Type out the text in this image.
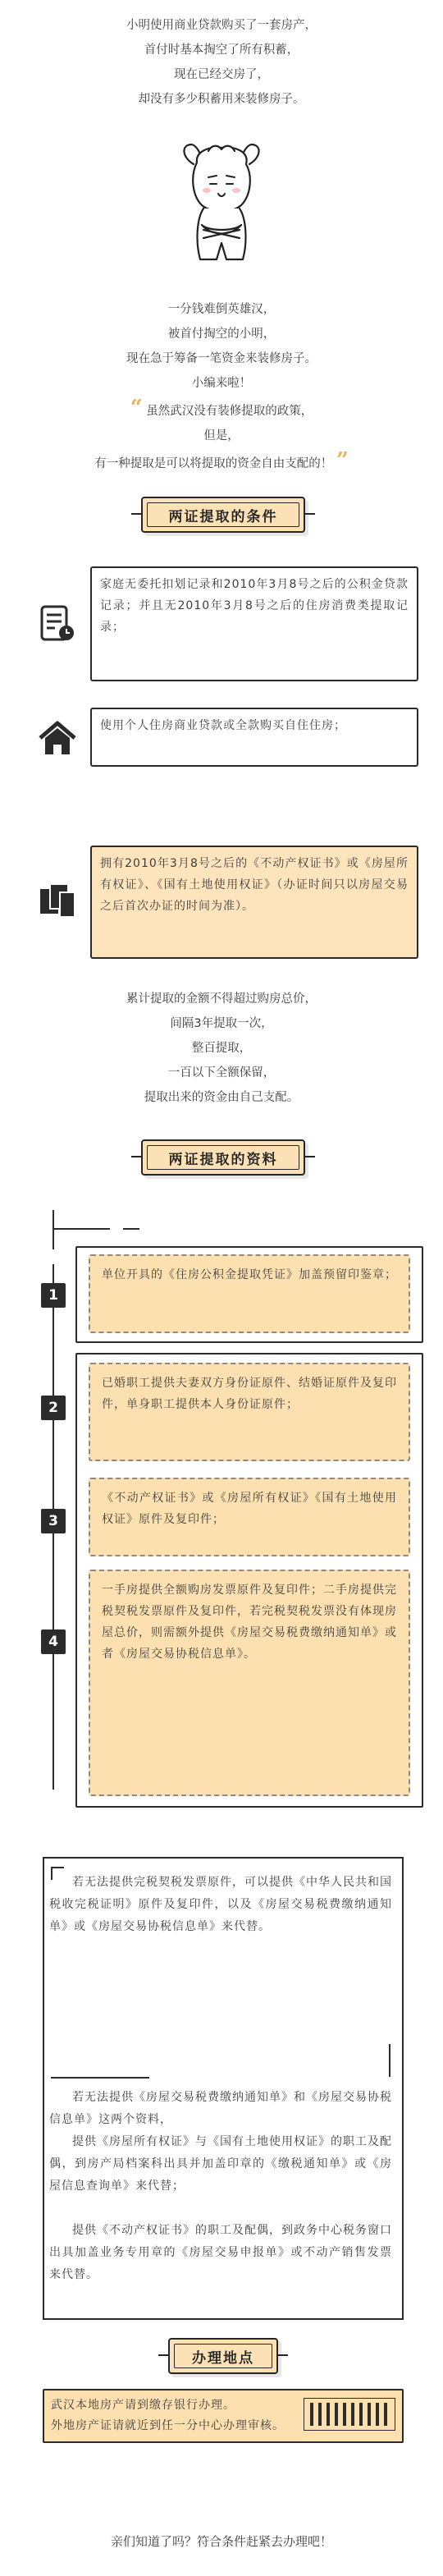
小明使用商业贷款购买了一套房产，
首付时基本掏空了所有积蓄，
现在已经交房了，
却没有多少积蓄用来装修房子。
一分钱难倒英雄汉，
被首付掏空的小明，
现在急于筹备一笔资金来装修房子。
小编来啦！
“ 虽然武汉没有装修提取的政策，
但是，
有一种提取是可以将提取的资金自由支配的！ ”
两证提取的条件
家庭无委托扣划记录和2010年3月8号之后的公积金贷款记录；并且无2010年3月8号之后的住房消费类提取记录；
使用个人住房商业贷款或全款购买自住住房；
拥有2010年3月8号之后的《不动产权证书》或《房屋所有权证》、《国有土地使用权证》（办证时间只以房屋交易之后首次办证的时间为准）。
累计提取的金额不得超过购房总价，
间隔3年提取一次，
整百提取，
一百以下全额保留，
提取出来的资金由自己支配。
两证提取的资料
1
单位开具的《住房公积金提取凭证》加盖预留印鉴章；
2
已婚职工提供夫妻双方身份证原件、结婚证原件及复印件，单身职工提供本人身份证原件；
3
《不动产权证书》或《房屋所有权证》《国有土地使用权证》原件及复印件；
4
一手房提供全额购房发票原件及复印件；二手房提供完税契税发票原件及复印件，若完税契税发票没有体现房屋总价，则需额外提供《房屋交易税费缴纳通知单》或者《房屋交易协税信息单》。
若无法提供完税契税发票原件，可以提供《中华人民共和国税收完税证明》原件及复印件，以及《房屋交易税费缴纳通知单》或《房屋交易协税信息单》来代替。
若无法提供《房屋交易税费缴纳通知单》和《房屋交易协税信息单》这两个资料，
提供《房屋所有权证》与《国有土地使用权证》的职工及配偶，到房产局档案科出具并加盖印章的《缴税通知单》或《房屋信息查询单》来代替；
提供《不动产权证书》的职工及配偶，到政务中心税务窗口出具加盖业务专用章的《房屋交易申报单》或不动产销售发票来代替。
办理地点
武汉本地房产请到缴存银行办理。
外地房产证请就近到任一分中心办理审核。
亲们知道了吗？符合条件赶紧去办理吧！
